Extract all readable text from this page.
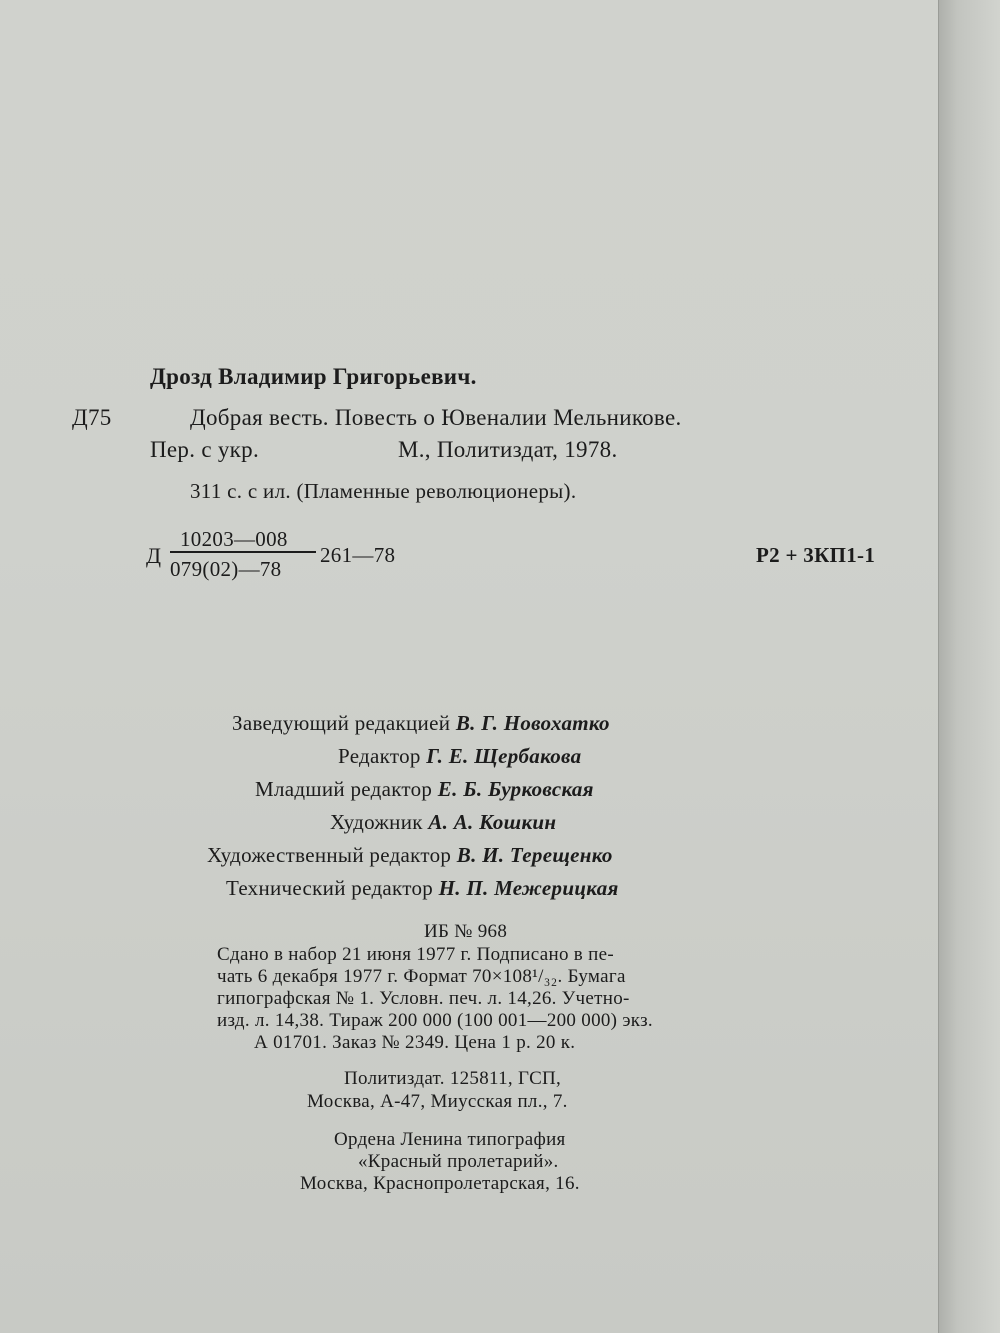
Дрозд Владимир Григорьевич.
Д75	Добрая весть. Повесть о Ювеналии Мельникове.
Пер. с укр.	М., Политиздат, 1978.
311 с. с ил. (Пламенные революционеры).
Д
10203—008
079(02)—78
261—78	Р2 + 3КП1-1
Заведующий редакцией В. Г. Новохатко
Редактор Г. Е. Щербакова
Младший редактор Е. Б. Бурковская
Художник А. А. Кошкин
Художественный редактор В. И. Терещенко
Технический редактор Н. П. Межерицкая
ИБ № 968
Сдано в набор 21 июня 1977 г. Подписано в пе-
чать 6 декабря 1977 г. Формат 70×108¹/₃₂. Бумага
гипографская № 1. Условн. печ. л. 14,26. Учетно-
изд. л. 14,38. Тираж 200 000 (100 001—200 000) экз.
А 01701. Заказ № 2349. Цена 1 р. 20 к.
Политиздат. 125811, ГСП,
Москва, А-47, Миусская пл., 7.
Ордена Ленина типография
«Красный пролетарий».
Москва, Краснопролетарская, 16.
